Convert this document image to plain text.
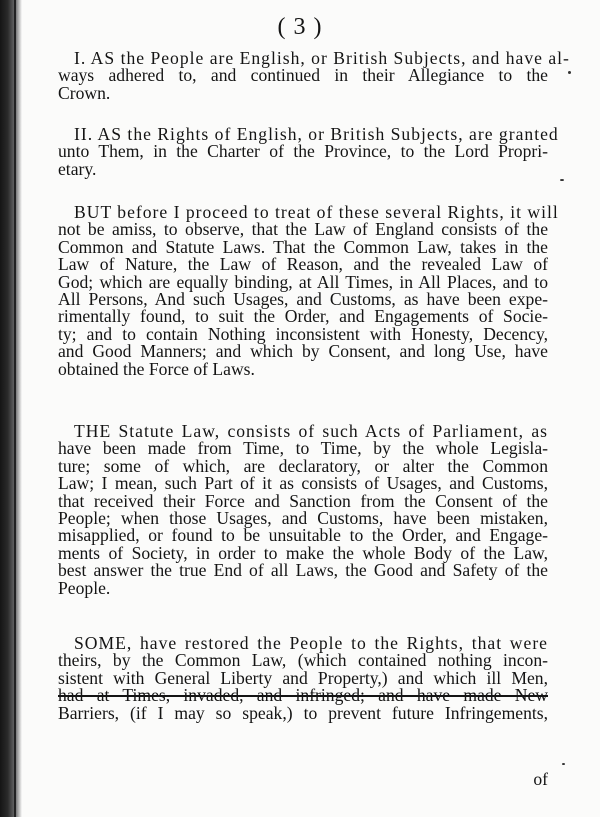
( 3 )
I. AS the People are English, or British Subjects, and have al-
ways adhered to, and continued in their Allegiance to the
Crown.
II. AS the Rights of English, or British Subjects, are granted
unto Them, in the Charter of the Province, to the Lord Propri-
etary.
BUT before I proceed to treat of these several Rights, it will
not be amiss, to observe, that the Law of England consists of the
Common and Statute Laws. That the Common Law, takes in the
Law of Nature, the Law of Reason, and the revealed Law of
God; which are equally binding, at All Times, in All Places, and to
All Persons, And such Usages, and Customs, as have been expe-
rimentally found, to suit the Order, and Engagements of Socie-
ty; and to contain Nothing inconsistent with Honesty, Decency,
and Good Manners; and which by Consent, and long Use, have
obtained the Force of Laws.
THE Statute Law, consists of such Acts of Parliament, as
have been made from Time, to Time, by the whole Legisla-
ture; some of which, are declaratory, or alter the Common
Law; I mean, such Part of it as consists of Usages, and Customs,
that received their Force and Sanction from the Consent of the
People; when those Usages, and Customs, have been mistaken,
misapplied, or found to be unsuitable to the Order, and Engage-
ments of Society, in order to make the whole Body of the Law,
best answer the true End of all Laws, the Good and Safety of the
People.
SOME, have restored the People to the Rights, that were
theirs, by the Common Law, (which contained nothing incon-
sistent with General Liberty and Property,) and which ill Men,
had at Times, invaded, and infringed; and have made New
Barriers, (if I may so speak,) to prevent future Infringements,
of
